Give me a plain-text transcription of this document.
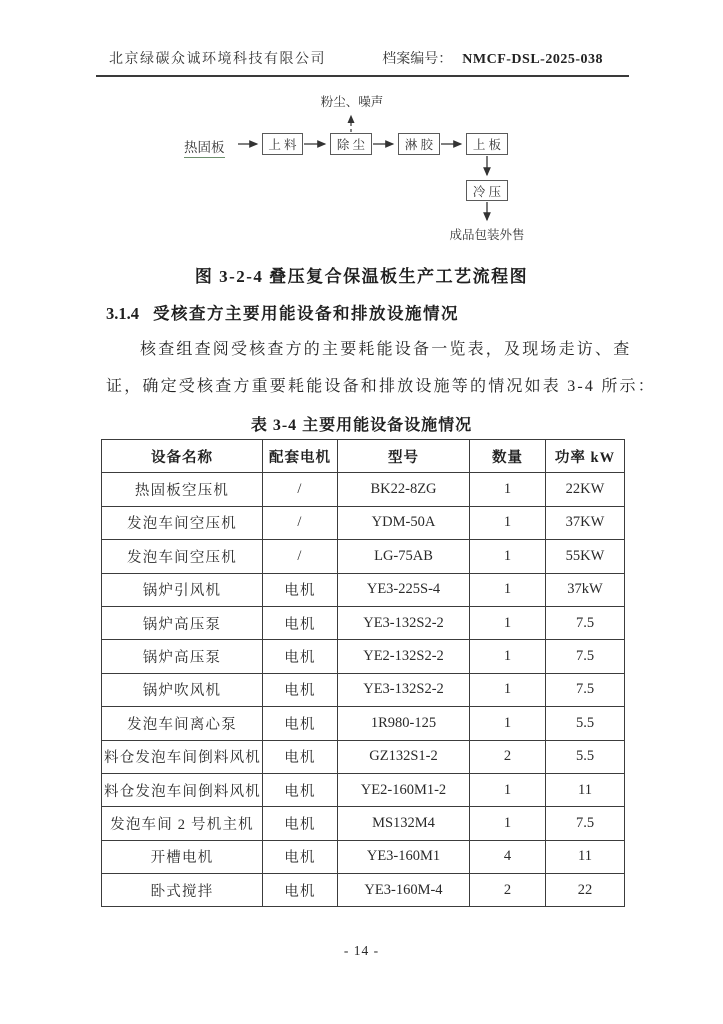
北京绿碳众诚环境科技有限公司	档案编号： NMCF-DSL-2025-038
粉尘、噪声
热固板	上 料	除 尘	淋 胶	上 板
冷 压
成品包装外售
图 3-2-4 叠压复合保温板生产工艺流程图
3.1.4 受核查方主要用能设备和排放设施情况
核查组查阅受核查方的主要耗能设备一览表，及现场走访、查
证，确定受核查方重要耗能设备和排放设施等的情况如表 3-4 所示：
表 3-4 主要用能设备设施情况
设备名称	配套电机	型号	数量	功率 kW
热固板空压机	/	BK22-8ZG	1	22KW
发泡车间空压机	/	YDM-50A	1	37KW
发泡车间空压机	/	LG-75AB	1	55KW
锅炉引风机	电机	YE3-225S-4	1	37kW
锅炉高压泵	电机	YE3-132S2-2	1	7.5
锅炉高压泵	电机	YE2-132S2-2	1	7.5
锅炉吹风机	电机	YE3-132S2-2	1	7.5
发泡车间离心泵	电机	1R980-125	1	5.5
料仓发泡车间倒料风机	电机	GZ132S1-2	2	5.5
料仓发泡车间倒料风机	电机	YE2-160M1-2	1	11
发泡车间 2 号机主机	电机	MS132M4	1	7.5
开槽电机	电机	YE3-160M1	4	11
卧式搅拌	电机	YE3-160M-4	2	22
- 14 -
